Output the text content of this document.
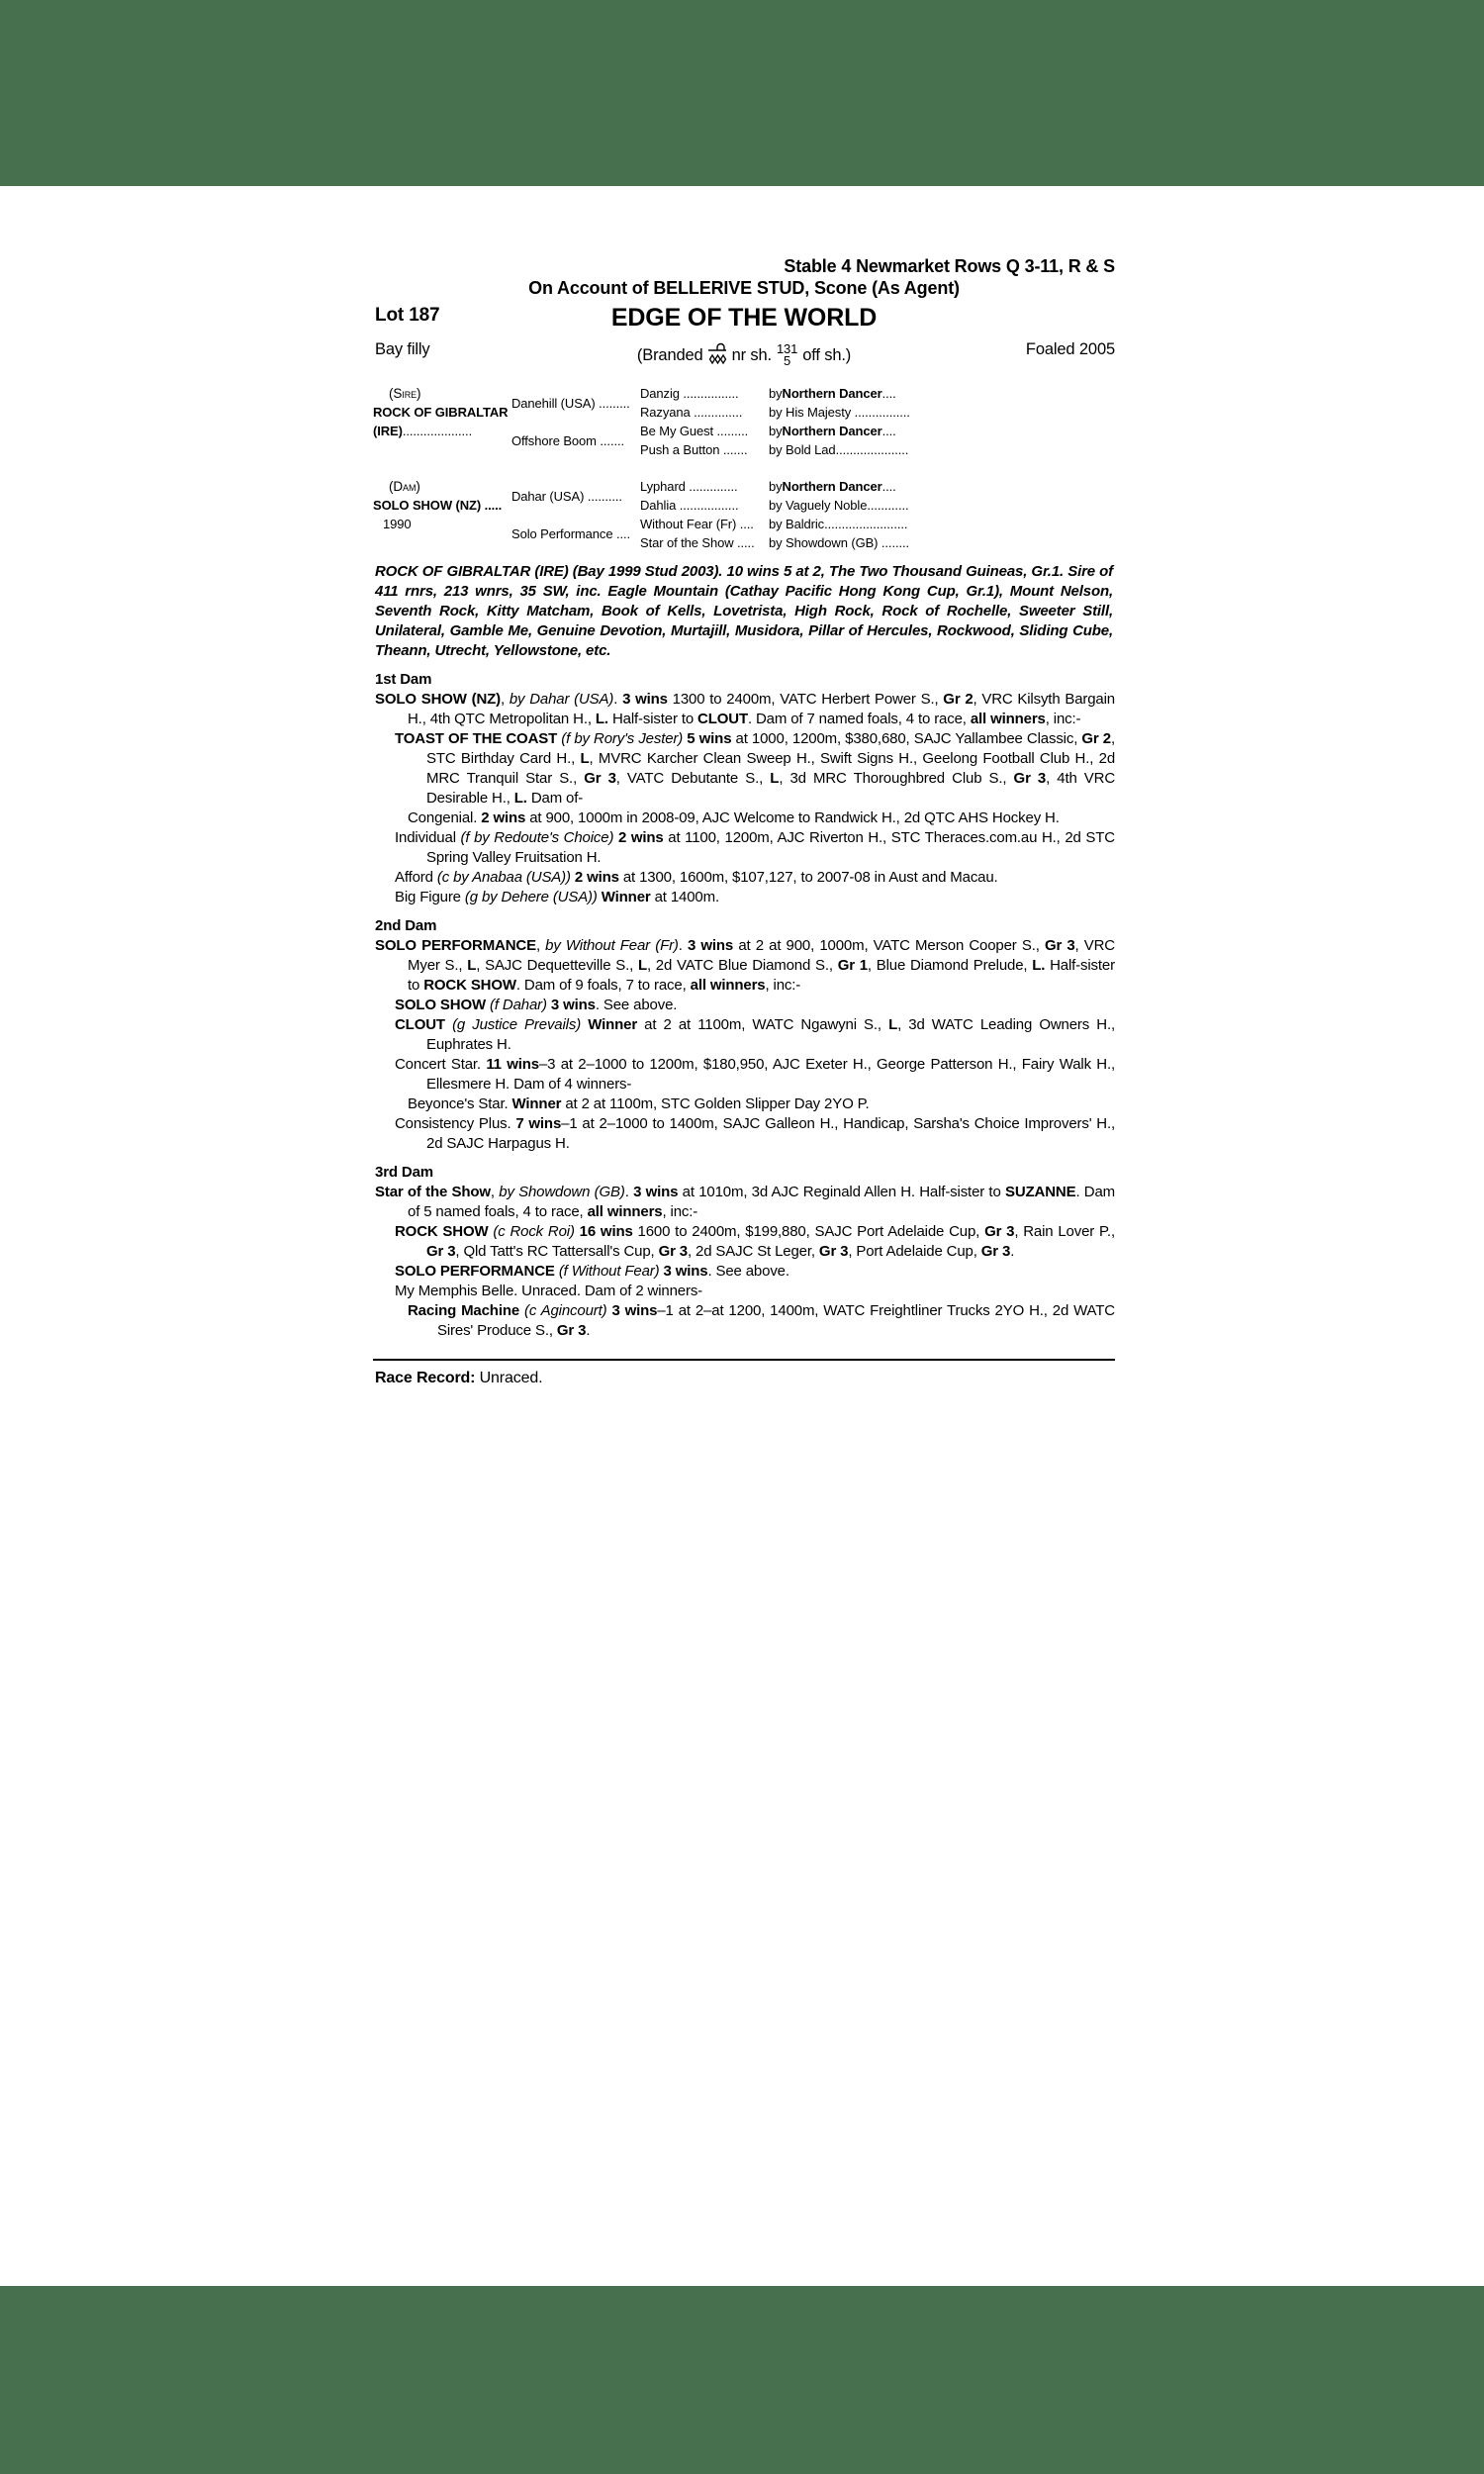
Stable 4 Newmarket Rows Q 3-11, R & S
On Account of BELLERIVE STUD, Scone (As Agent)
Lot 187	EDGE OF THE WORLD
Bay filly	(Branded nr sh. 131
5 off sh.)	Foaled 2005
(Sire)
ROCK OF GIBRALTAR
(IRE)....................
Danehill (USA) .........
Danzig ................	by Northern Dancer ....
Razyana ..............	by His Majesty ................
Offshore Boom .......
Be My Guest .........	by Northern Dancer ....
Push a Button .......	by Bold Lad.....................
(Dam)
SOLO SHOW (NZ) .....
1990
Dahar (USA) ..........
Lyphard ..............	by Northern Dancer ....
Dahlia .................	by Vaguely Noble............
Solo Performance ....
Without Fear (Fr) ....	by Baldric........................
Star of the Show .....	by Showdown (GB) ........
ROCK OF GIBRALTAR (IRE) (Bay 1999 Stud 2003). 10 wins 5 at 2, The Two Thousand Guineas, Gr.1. Sire of 411 rnrs, 213 wnrs, 35 SW, inc. Eagle Mountain (Cathay Pacific Hong Kong Cup, Gr.1), Mount Nelson, Seventh Rock, Kitty Matcham, Book of Kells, Lovetrista, High Rock, Rock of Rochelle, Sweeter Still, Unilateral, Gamble Me, Genuine Devotion, Murtajill, Musidora, Pillar of Hercules, Rockwood, Sliding Cube, Theann, Utrecht, Yellowstone, etc.
1st Dam
SOLO SHOW (NZ), by Dahar (USA). 3 wins 1300 to 2400m, VATC Herbert Power S., Gr 2, VRC Kilsyth Bargain H., 4th QTC Metropolitan H., L. Half-sister to CLOUT. Dam of 7 named foals, 4 to race, all winners, inc:-
TOAST OF THE COAST (f by Rory's Jester) 5 wins at 1000, 1200m, $380,680, SAJC Yallambee Classic, Gr 2, STC Birthday Card H., L, MVRC Karcher Clean Sweep H., Swift Signs H., Geelong Football Club H., 2d MRC Tranquil Star S., Gr 3, VATC Debutante S., L, 3d MRC Thoroughbred Club S., Gr 3, 4th VRC Desirable H., L. Dam of-
Congenial. 2 wins at 900, 1000m in 2008-09, AJC Welcome to Randwick H., 2d QTC AHS Hockey H.
Individual (f by Redoute's Choice) 2 wins at 1100, 1200m, AJC Riverton H., STC Theraces.com.au H., 2d STC Spring Valley Fruitsation H.
Afford (c by Anabaa (USA)) 2 wins at 1300, 1600m, $107,127, to 2007-08 in Aust and Macau.
Big Figure (g by Dehere (USA)) Winner at 1400m.
2nd Dam
SOLO PERFORMANCE, by Without Fear (Fr). 3 wins at 2 at 900, 1000m, VATC Merson Cooper S., Gr 3, VRC Myer S., L, SAJC Dequetteville S., L, 2d VATC Blue Diamond S., Gr 1, Blue Diamond Prelude, L. Half-sister to ROCK SHOW. Dam of 9 foals, 7 to race, all winners, inc:-
SOLO SHOW (f Dahar) 3 wins. See above.
CLOUT (g Justice Prevails) Winner at 2 at 1100m, WATC Ngawyni S., L, 3d WATC Leading Owners H., Euphrates H.
Concert Star. 11 wins–3 at 2–1000 to 1200m, $180,950, AJC Exeter H., George Patterson H., Fairy Walk H., Ellesmere H. Dam of 4 winners-
Beyonce's Star. Winner at 2 at 1100m, STC Golden Slipper Day 2YO P.
Consistency Plus. 7 wins–1 at 2–1000 to 1400m, SAJC Galleon H., Handicap, Sarsha's Choice Improvers' H., 2d SAJC Harpagus H.
3rd Dam
Star of the Show, by Showdown (GB). 3 wins at 1010m, 3d AJC Reginald Allen H. Half-sister to SUZANNE. Dam of 5 named foals, 4 to race, all winners, inc:-
ROCK SHOW (c Rock Roi) 16 wins 1600 to 2400m, $199,880, SAJC Port Adelaide Cup, Gr 3, Rain Lover P., Gr 3, Qld Tatt's RC Tattersall's Cup, Gr 3, 2d SAJC St Leger, Gr 3, Port Adelaide Cup, Gr 3.
SOLO PERFORMANCE (f Without Fear) 3 wins. See above.
My Memphis Belle. Unraced. Dam of 2 winners-
Racing Machine (c Agincourt) 3 wins–1 at 2–at 1200, 1400m, WATC Freightliner Trucks 2YO H., 2d WATC Sires' Produce S., Gr 3.
Race Record: Unraced.
